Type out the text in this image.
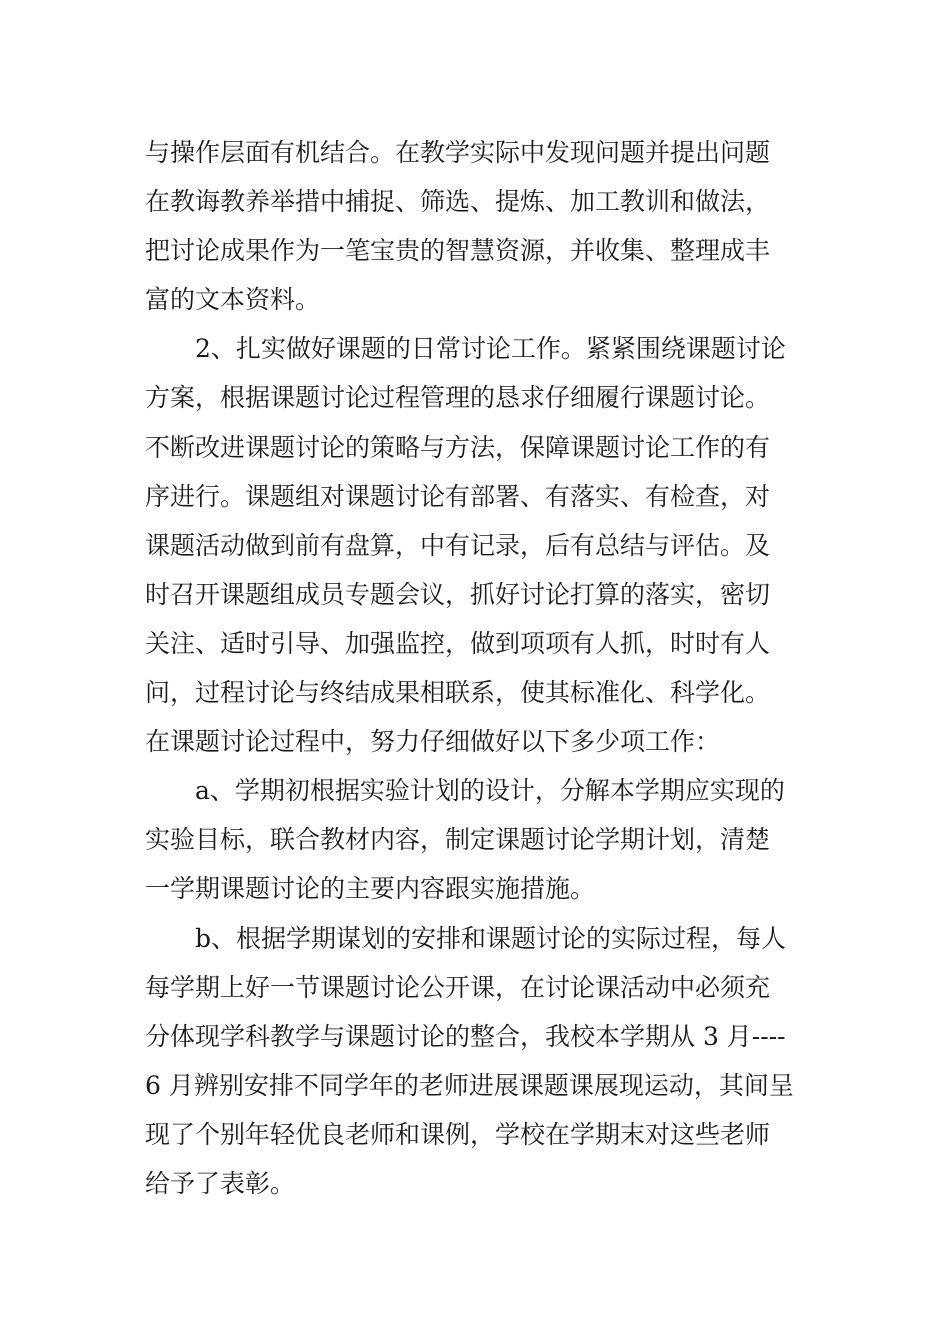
与操作层面有机结合。在教学实际中发现问题并提出问题
在教诲教养举措中捕捉、筛选、提炼、加工教训和做法，
把讨论成果作为一笔宝贵的智慧资源，并收集、整理成丰
富的文本资料。
2、扎实做好课题的日常讨论工作。紧紧围绕课题讨论
方案，根据课题讨论过程管理的恳求仔细履行课题讨论。
不断改进课题讨论的策略与方法，保障课题讨论工作的有
序进行。课题组对课题讨论有部署、有落实、有检查，对
课题活动做到前有盘算，中有记录，后有总结与评估。及
时召开课题组成员专题会议，抓好讨论打算的落实，密切
关注、适时引导、加强监控，做到项项有人抓，时时有人
问，过程讨论与终结成果相联系，使其标准化、科学化。
在课题讨论过程中，努力仔细做好以下多少项工作：
a、学期初根据实验计划的设计，分解本学期应实现的
实验目标，联合教材内容，制定课题讨论学期计划，清楚
一学期课题讨论的主要内容跟实施措施。
b、根据学期谋划的安排和课题讨论的实际过程，每人
每学期上好一节课题讨论公开课，在讨论课活动中必须充
分体现学科教学与课题讨论的整合，我校本学期从 3 月----
6 月辨别安排不同学年的老师进展课题课展现运动，其间呈
现了个别年轻优良老师和课例，学校在学期末对这些老师
给予了表彰。
